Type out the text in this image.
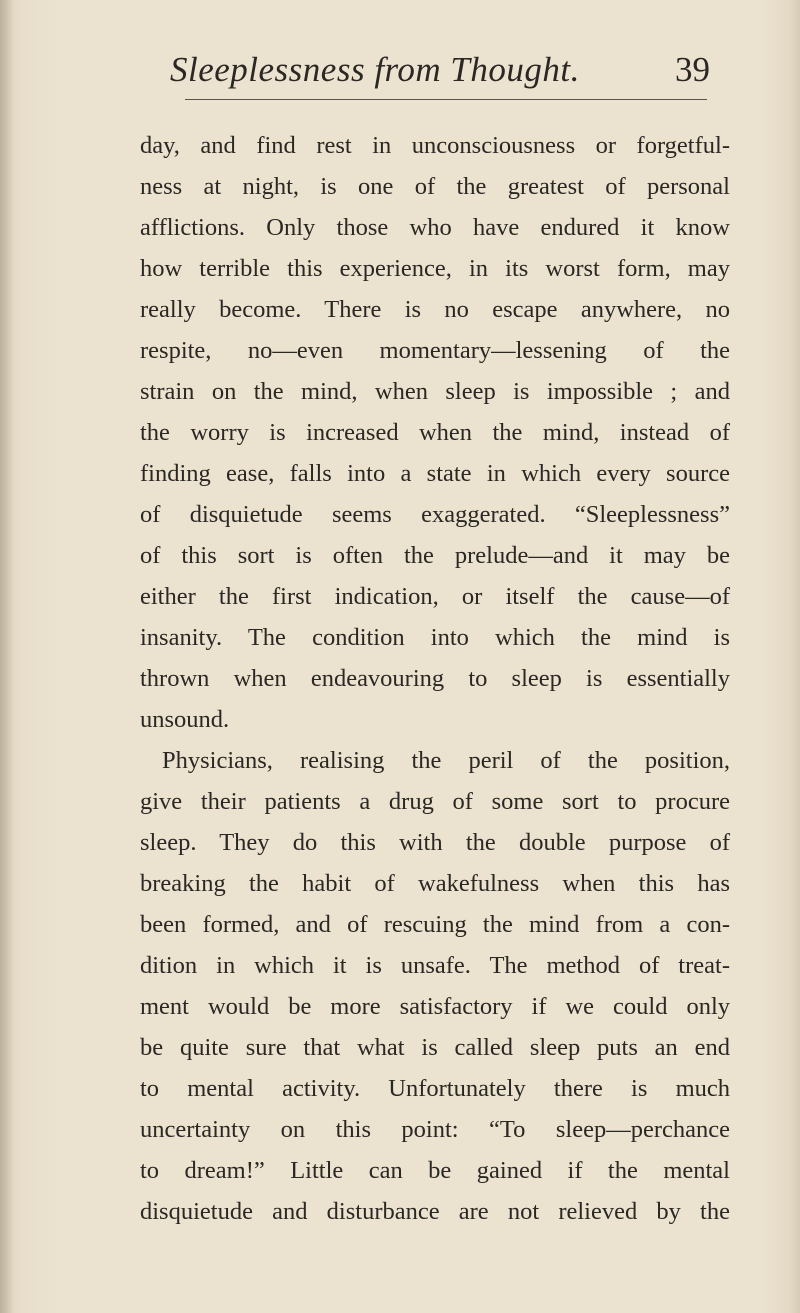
Sleeplessness from Thought.	39
day, and find rest in unconsciousness or forgetful-
ness at night, is one of the greatest of personal
afflictions. Only those who have endured it know
how terrible this experience, in its worst form, may
really become. There is no escape anywhere, no
respite, no—even momentary—lessening of the
strain on the mind, when sleep is impossible ; and
the worry is increased when the mind, instead of
finding ease, falls into a state in which every source
of disquietude seems exaggerated. “Sleeplessness”
of this sort is often the prelude—and it may be
either the first indication, or itself the cause—of
insanity. The condition into which the mind is
thrown when endeavouring to sleep is essentially
unsound.
Physicians, realising the peril of the position,
give their patients a drug of some sort to procure
sleep. They do this with the double purpose of
breaking the habit of wakefulness when this has
been formed, and of rescuing the mind from a con-
dition in which it is unsafe. The method of treat-
ment would be more satisfactory if we could only
be quite sure that what is called sleep puts an end
to mental activity. Unfortunately there is much
uncertainty on this point: “To sleep—perchance
to dream!” Little can be gained if the mental
disquietude and disturbance are not relieved by the
